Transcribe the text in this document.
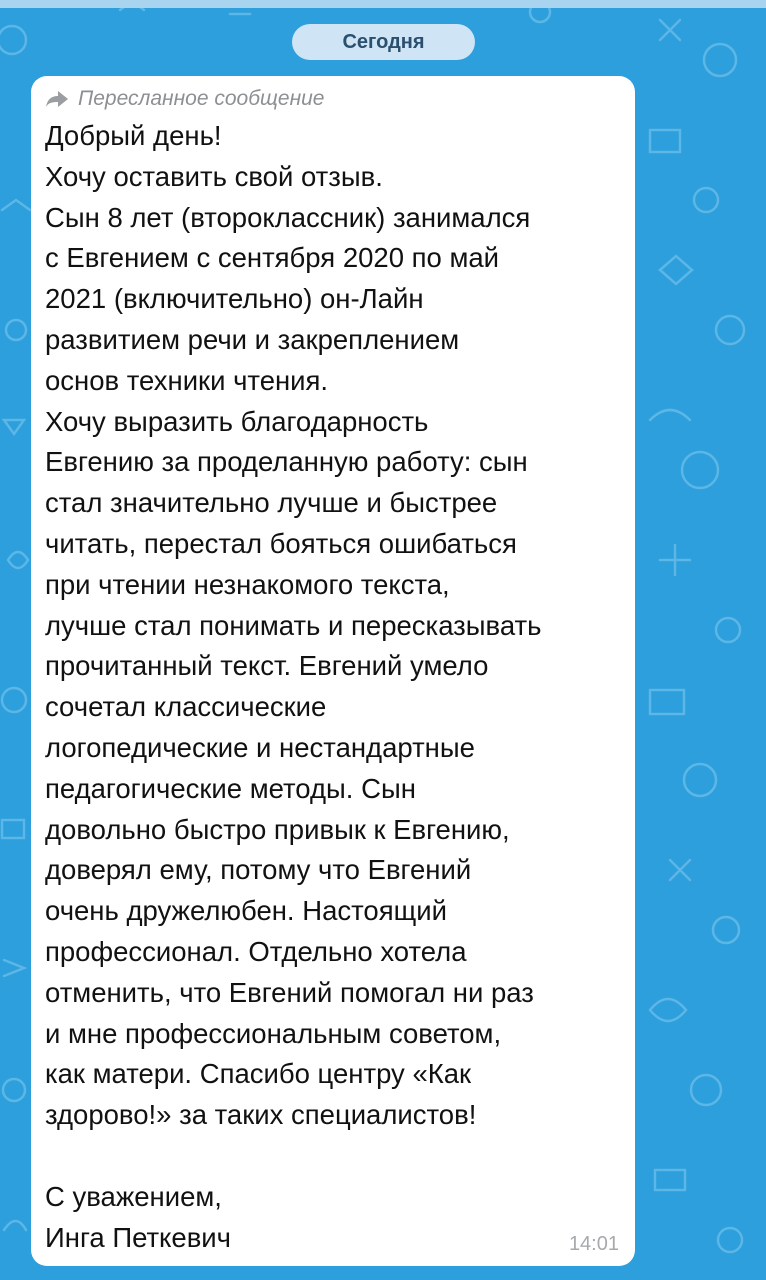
Сегодня
Пересланное сообщение
Добрый день!
Хочу оставить свой отзыв.
Сын 8 лет (второклассник) занимался
с Евгением с сентября 2020 по май
2021 (включительно) он-Лайн
развитием речи и закреплением
основ техники чтения.
Хочу выразить благодарность
Евгению за проделанную работу: сын
стал значительно лучше и быстрее
читать, перестал бояться ошибаться
при чтении незнакомого текста,
лучше стал понимать и пересказывать
прочитанный текст. Евгений умело
сочетал классические
логопедические и нестандартные
педагогические методы. Сын
довольно быстро привык к Евгению,
доверял ему, потому что Евгений
очень дружелюбен. Настоящий
профессионал. Отдельно хотела
отменить, что Евгений помогал ни раз
и мне профессиональным советом,
как матери. Спасибо центру «Как
здорово!» за таких специалистов!
С уважением,
Инга Петкевич	14:01
